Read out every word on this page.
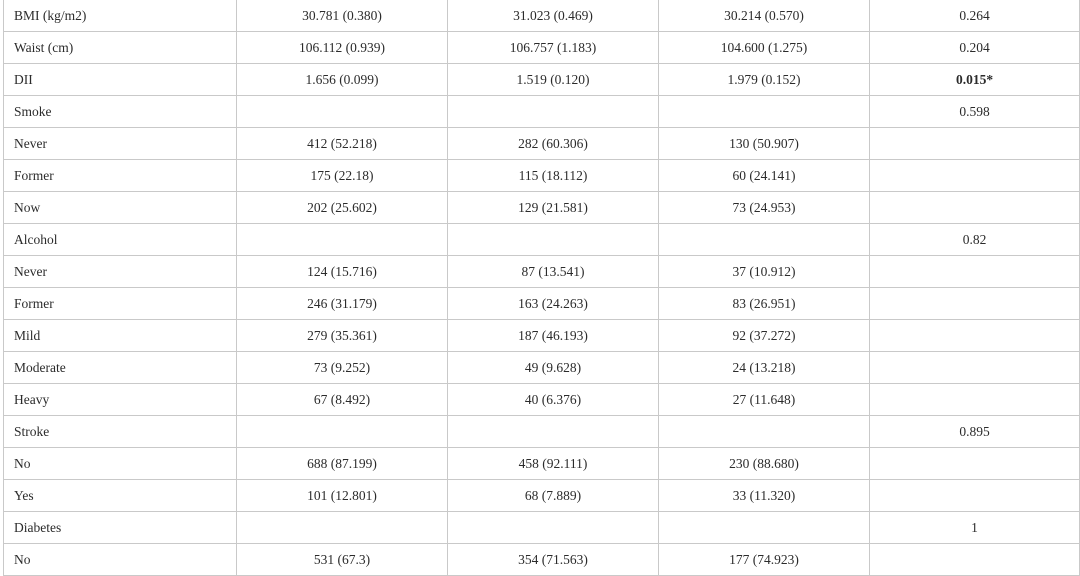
BMI (kg/m2)	30.781 (0.380)	31.023 (0.469)	30.214 (0.570)	0.264
Waist (cm)	106.112 (0.939)	106.757 (1.183)	104.600 (1.275)	0.204
DII	1.656 (0.099)	1.519 (0.120)	1.979 (0.152)	0.015*
Smoke				0.598
Never	412 (52.218)	282 (60.306)	130 (50.907)	
Former	175 (22.18)	115 (18.112)	60 (24.141)	
Now	202 (25.602)	129 (21.581)	73 (24.953)	
Alcohol				0.82
Never	124 (15.716)	87 (13.541)	37 (10.912)	
Former	246 (31.179)	163 (24.263)	83 (26.951)	
Mild	279 (35.361)	187 (46.193)	92 (37.272)	
Moderate	73 (9.252)	49 (9.628)	24 (13.218)	
Heavy	67 (8.492)	40 (6.376)	27 (11.648)	
Stroke				0.895
No	688 (87.199)	458 (92.111)	230 (88.680)	
Yes	101 (12.801)	68 (7.889)	33 (11.320)	
Diabetes				1
No	531 (67.3)	354 (71.563)	177 (74.923)	
